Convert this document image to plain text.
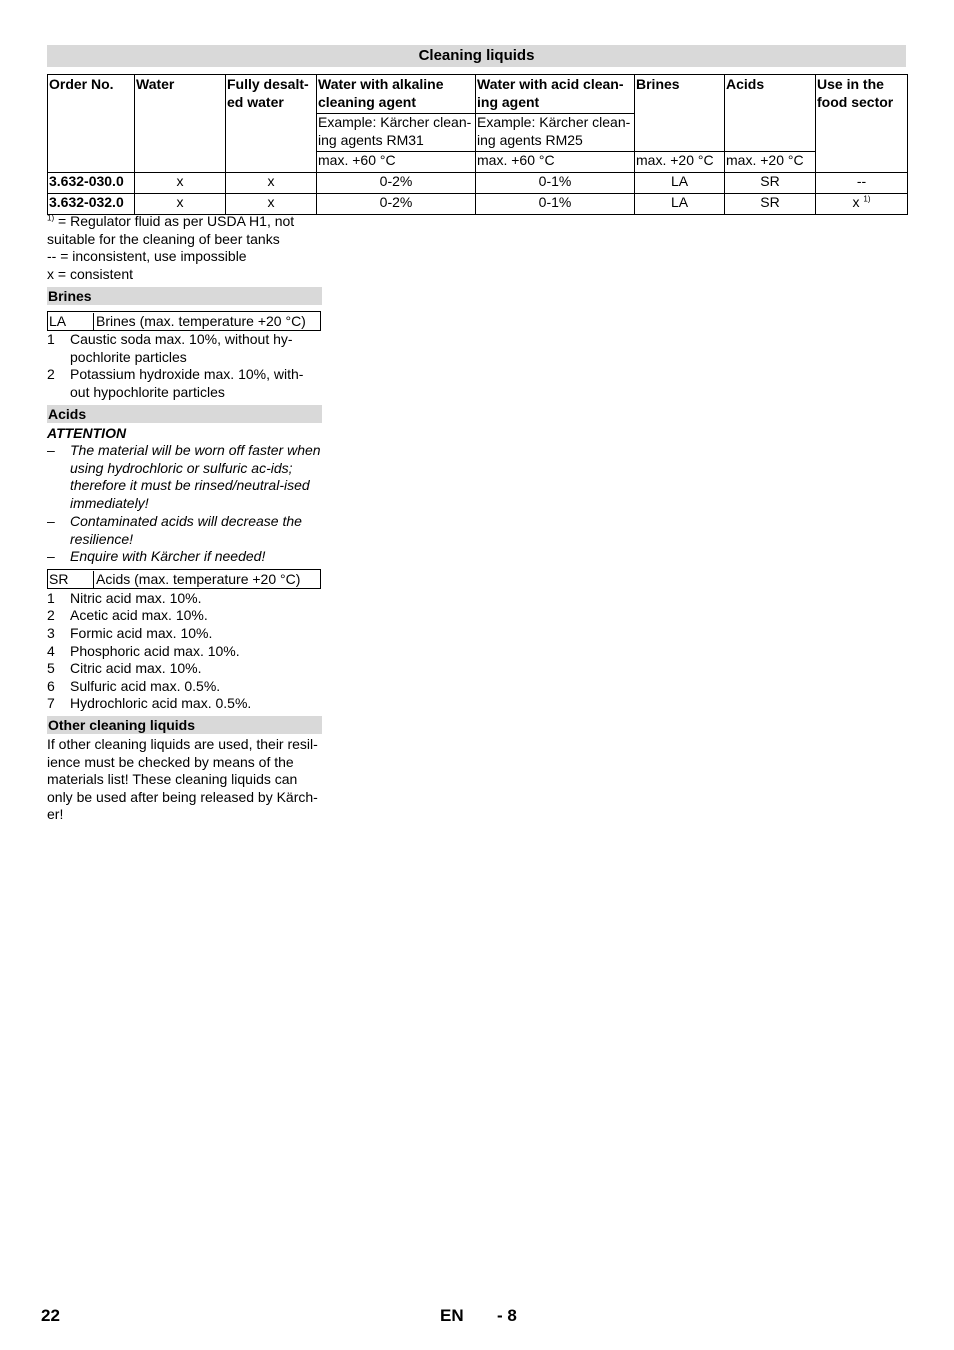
Cleaning liquids
Order No.	Water	Fully desalt-ed water	Water with alkaline cleaning agent	Water with acid clean-ing agent	Brines	Acids	Use in the food sector
			Example: Kärcher clean-ing agents RM31	Example: Kärcher clean-ing agents RM25			
			max. +60 °C	max. +60 °C	max. +20 °C	max. +20 °C	
3.632-030.0	x	x	0-2%	0-1%	LA	SR	--
3.632-032.0	x	x	0-2%	0-1%	LA	SR	x $^{1)}$
$^{1)}$ = Regulator fluid as per USDA H1, not suitable for the cleaning of beer tanks
-- = inconsistent, use impossible
x = consistent
Brines
LA Brines (max. temperature +20 °C)
1 Caustic soda max. 10%, without hy-pochlorite particles
2 Potassium hydroxide max. 10%, with-out hypochlorite particles
Acids
ATTENTION
– The material will be worn off faster when using hydrochloric or sulfuric ac-ids; therefore it must be rinsed/neutral-ised immediately!
– Contaminated acids will decrease the resilience!
– Enquire with Kärcher if needed!
SR Acids (max. temperature +20 °C)
1 Nitric acid max. 10%.
2 Acetic acid max. 10%.
3 Formic acid max. 10%.
4 Phosphoric acid max. 10%.
5 Citric acid max. 10%.
6 Sulfuric acid max. 0.5%.
7 Hydrochloric acid max. 0.5%.
Other cleaning liquids
If other cleaning liquids are used, their resil-ience must be checked by means of the materials list! These cleaning liquids can only be used after being released by Kärch-er!
22	EN - 8
